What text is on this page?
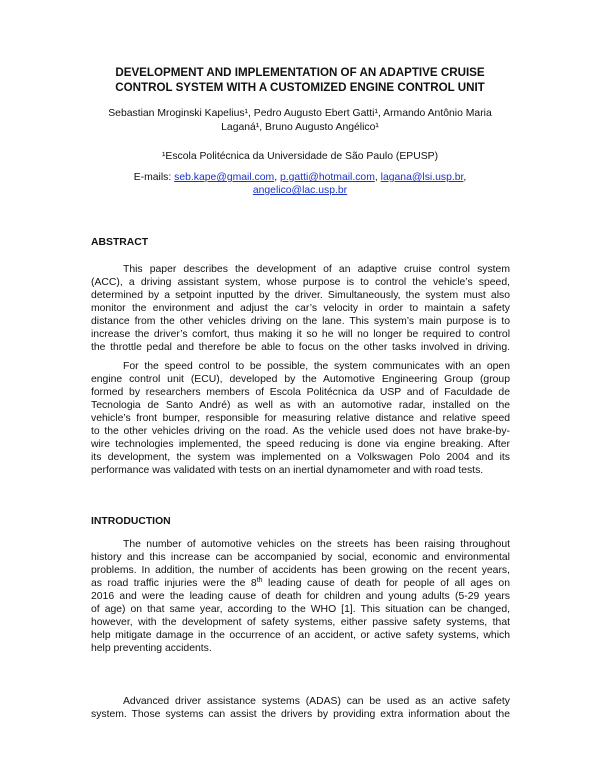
DEVELOPMENT AND IMPLEMENTATION OF AN ADAPTIVE CRUISE
CONTROL SYSTEM WITH A CUSTOMIZED ENGINE CONTROL UNIT
Sebastian Mroginski Kapelius¹, Pedro Augusto Ebert Gatti¹, Armando Antônio Maria
Laganá¹, Bruno Augusto Angélico¹
¹Escola Politécnica da Universidade de São Paulo (EPUSP)
E-mails: seb.kape@gmail.com, p.gatti@hotmail.com, lagana@lsi.usp.br,
angelico@lac.usp.br
ABSTRACT
This paper describes the development of an adaptive cruise control system
(ACC), a driving assistant system, whose purpose is to control the vehicle’s speed,
determined by a setpoint inputted by the driver. Simultaneously, the system must also
monitor the environment and adjust the car’s velocity in order to maintain a safety
distance from the other vehicles driving on the lane. This system’s main purpose is to
increase the driver’s comfort, thus making it so he will no longer be required to control
the throttle pedal and therefore be able to focus on the other tasks involved in driving.
For the speed control to be possible, the system communicates with an open
engine control unit (ECU), developed by the Automotive Engineering Group (group
formed by researchers members of Escola Politécnica da USP and of Faculdade de
Tecnologia de Santo André) as well as with an automotive radar, installed on the
vehicle’s front bumper, responsible for measuring relative distance and relative speed
to the other vehicles driving on the road. As the vehicle used does not have brake-by-
wire technologies implemented, the speed reducing is done via engine breaking. After
its development, the system was implemented on a Volkswagen Polo 2004 and its
performance was validated with tests on an inertial dynamometer and with road tests.
INTRODUCTION
The number of automotive vehicles on the streets has been raising throughout
history and this increase can be accompanied by social, economic and environmental
problems. In addition, the number of accidents has been growing on the recent years,
as road traffic injuries were the 8th leading cause of death for people of all ages on
2016 and were the leading cause of death for children and young adults (5-29 years
of age) on that same year, according to the WHO [1]. This situation can be changed,
however, with the development of safety systems, either passive safety systems, that
help mitigate damage in the occurrence of an accident, or active safety systems, which
help preventing accidents.
Advanced driver assistance systems (ADAS) can be used as an active safety
system. Those systems can assist the drivers by providing extra information about the
